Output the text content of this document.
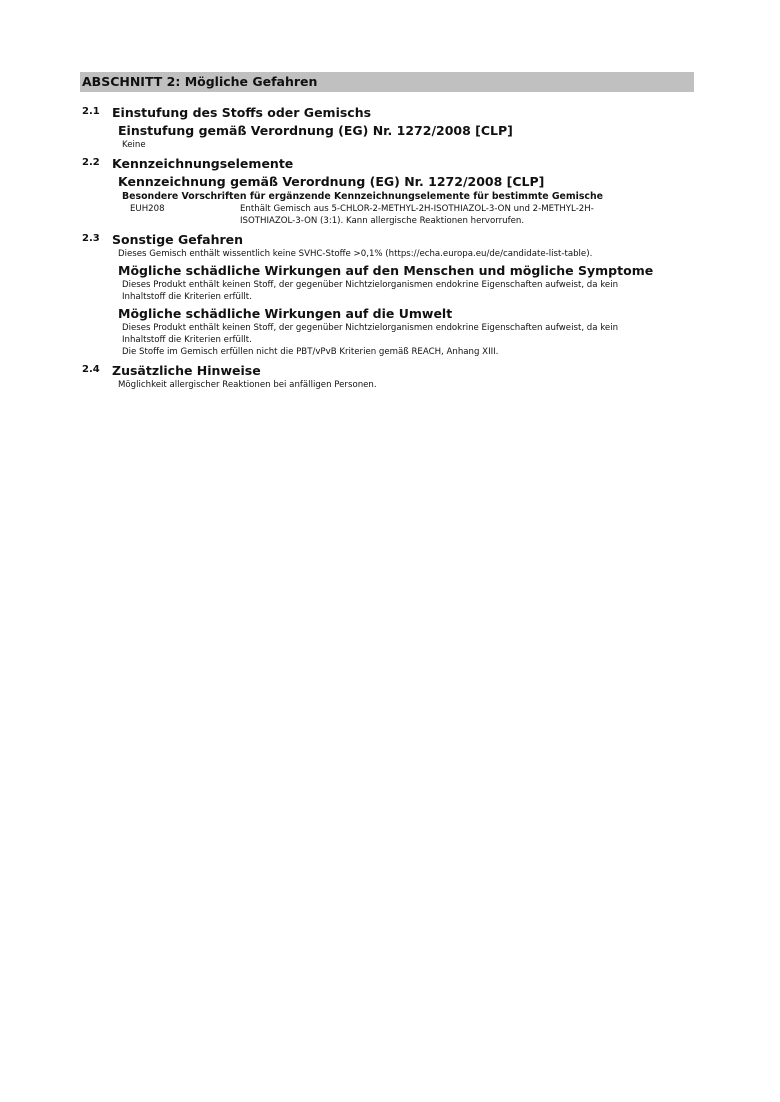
ABSCHNITT 2: Mögliche Gefahren
2.1 Einstufung des Stoffs oder Gemischs
Einstufung gemäß Verordnung (EG) Nr. 1272/2008 [CLP]
Keine
2.2 Kennzeichnungselemente
Kennzeichnung gemäß Verordnung (EG) Nr. 1272/2008 [CLP]
Besondere Vorschriften für ergänzende Kennzeichnungselemente für bestimmte Gemische
EUH208	Enthält Gemisch aus 5-CHLOR-2-METHYL-2H-ISOTHIAZOL-3-ON und 2-METHYL-2H-
ISOTHIAZOL-3-ON (3:1). Kann allergische Reaktionen hervorrufen.
2.3 Sonstige Gefahren
Dieses Gemisch enthält wissentlich keine SVHC-Stoffe >0,1% (https://echa.europa.eu/de/candidate-list-table).
Mögliche schädliche Wirkungen auf den Menschen und mögliche Symptome
Dieses Produkt enthält keinen Stoff, der gegenüber Nichtzielorganismen endokrine Eigenschaften aufweist, da kein
Inhaltstoff die Kriterien erfüllt.
Mögliche schädliche Wirkungen auf die Umwelt
Dieses Produkt enthält keinen Stoff, der gegenüber Nichtzielorganismen endokrine Eigenschaften aufweist, da kein
Inhaltstoff die Kriterien erfüllt.
Die Stoffe im Gemisch erfüllen nicht die PBT/vPvB Kriterien gemäß REACH, Anhang XIII.
2.4 Zusätzliche Hinweise
Möglichkeit allergischer Reaktionen bei anfälligen Personen.
